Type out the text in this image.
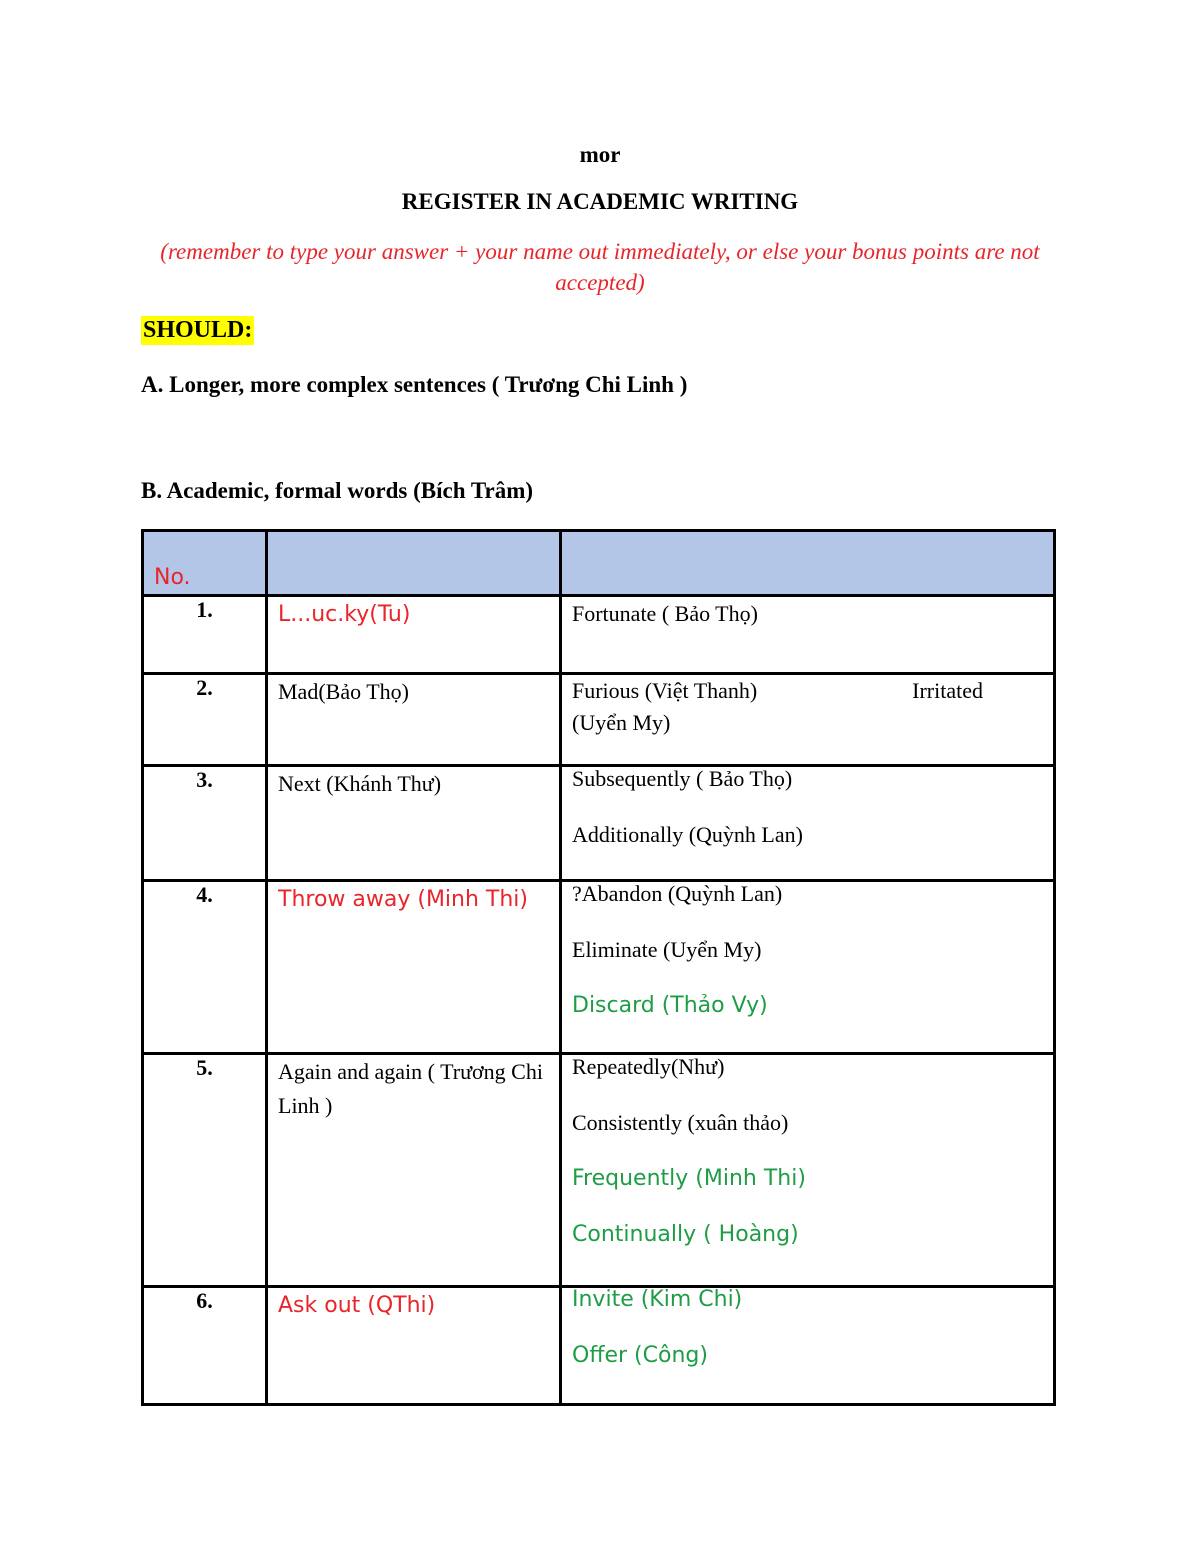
mor
REGISTER IN ACADEMIC WRITING
(remember to type your answer + your name out immediately, or else your bonus points are not accepted)
SHOULD:
A. Longer, more complex sentences ( Trương Chi Linh )
B. Academic, formal words (Bích Trâm)
No.		
1.	L...uc.ky(Tu)	Fortunate ( Bảo Thọ)
2.	Mad(Bảo Thọ)	Furious (Việt Thanh) Irritated
(Uyển My)

3.	Next (Khánh Thư)	Subsequently ( Bảo Thọ)

Additionally (Quỳnh Lan)

4.	Throw away (Minh Thi)	?Abandon (Quỳnh Lan)

Eliminate (Uyển My)

Discard (Thảo Vy)

5.	Again and again ( Trương Chi Linh )	Repeatedly(Như)

Consistently (xuân thảo)

Frequently (Minh Thi)

Continually ( Hoàng)

6.	Ask out (QThi)	Invite (Kim Chi)

Offer (Công)
